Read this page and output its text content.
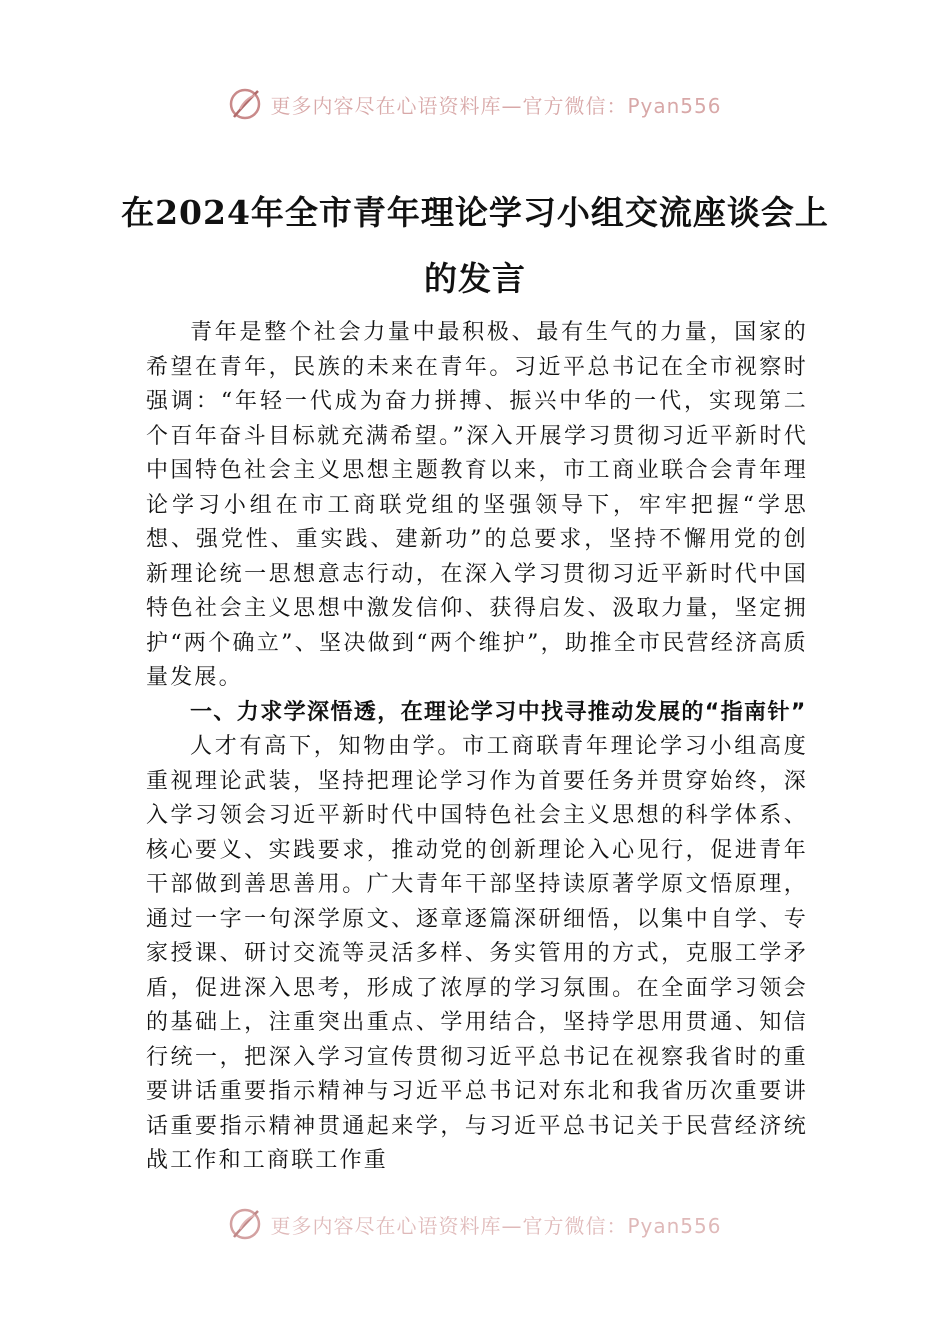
更多内容尽在心语资料库—官方微信：Pyan556
在2024年全市青年理论学习小组交流座谈会上的发言

青年是整个社会力量中最积极、最有生气的力量，国家的希望在青年，民族的未来在青年。习近平总书记在全市视察时强调：“年轻一代成为奋力拼搏、振兴中华的一代，实现第二个百年奋斗目标就充满希望。”深入开展学习贯彻习近平新时代中国特色社会主义思想主题教育以来，市工商业联合会青年理论学习小组在市工商联党组的坚强领导下，牢牢把握“学思想、强党性、重实践、建新功”的总要求，坚持不懈用党的创新理论统一思想意志行动，在深入学习贯彻习近平新时代中国特色社会主义思想中激发信仰、获得启发、汲取力量，坚定拥护“两个确立”、坚决做到“两个维护”，助推全市民营经济高质量发展。

一、力求学深悟透，在理论学习中找寻推动发展的“指南针”

人才有高下，知物由学。市工商联青年理论学习小组高度重视理论武装，坚持把理论学习作为首要任务并贯穿始终，深入学习领会习近平新时代中国特色社会主义思想的科学体系、核心要义、实践要求，推动党的创新理论入心见行，促进青年干部做到善思善用。广大青年干部坚持读原著学原文悟原理，通过一字一句深学原文、逐章逐篇深研细悟，以集中自学、专家授课、研讨交流等灵活多样、务实管用的方式，克服工学矛盾，促进深入思考，形成了浓厚的学习氛围。在全面学习领会的基础上，注重突出重点、学用结合，坚持学思用贯通、知信行统一，把深入学习宣传贯彻习近平总书记在视察我省时的重要讲话重要指示精神与习近平总书记对东北和我省历次重要讲话重要指示精神贯通起来学，与习近平总书记关于民营经济统战工作和工商联工作重

更多内容尽在心语资料库—官方微信：Pyan556
